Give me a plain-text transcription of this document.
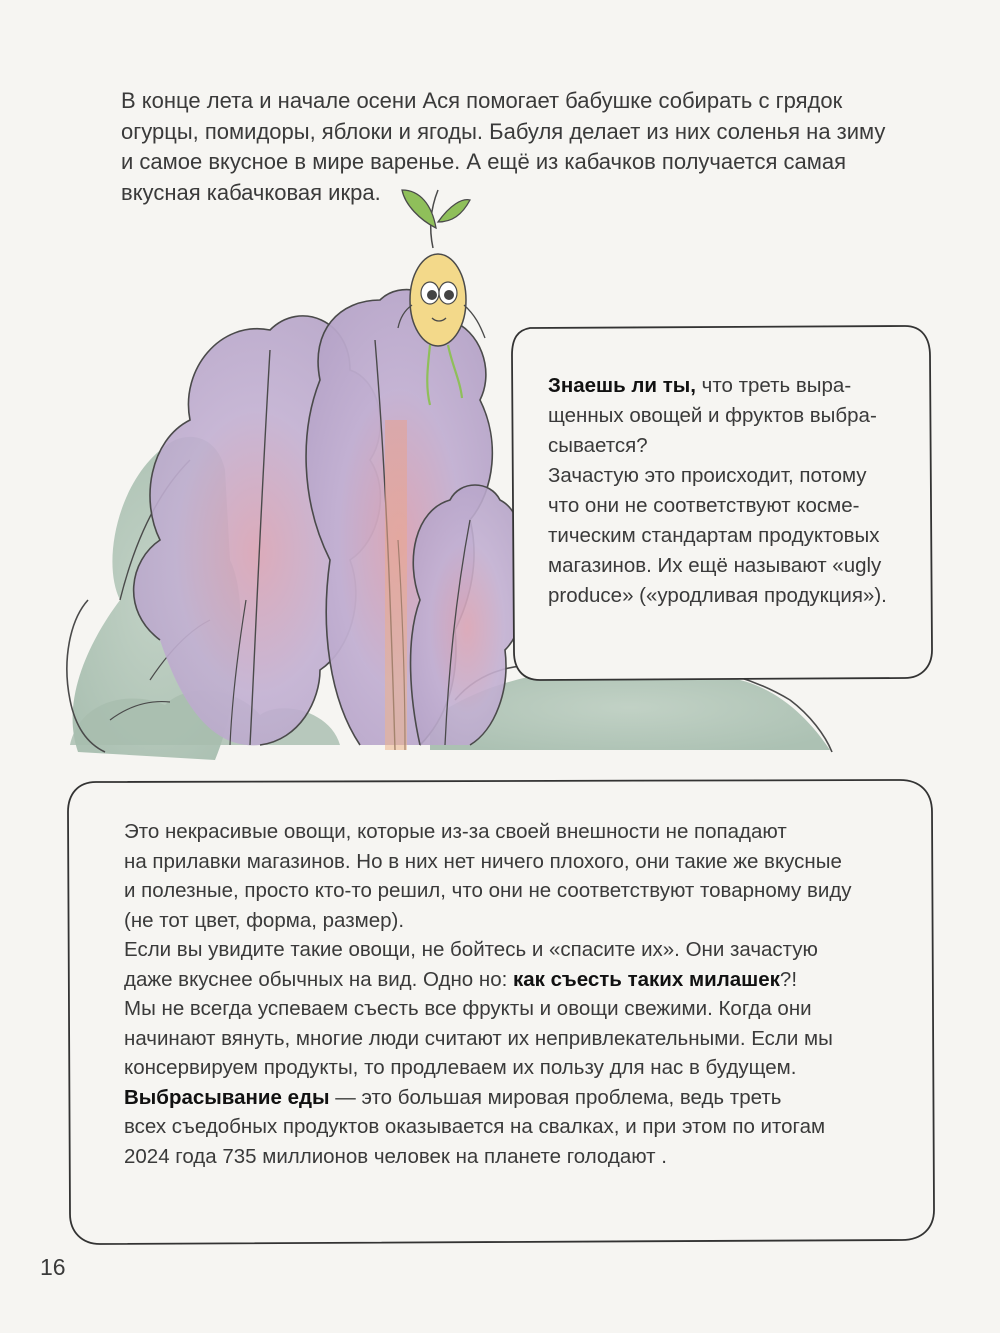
В конце лета и начале осени Ася помогает бабушке собирать с грядок
огурцы, помидоры, яблоки и ягоды. Бабуля делает из них соленья на зиму
и самое вкусное в мире варенье. А ещё из кабачков получается самая
вкусная кабачковая икра.
Знаешь ли ты, что треть выра-
щенных овощей и фруктов выбра-
сывается?
Зачастую это происходит, потому
что они не соответствуют косме-
тическим стандартам продуктовых
магазинов. Их ещё называют «ugly
produce» («уродливая продукция»).
Это некрасивые овощи, которые из-за своей внешности не попадают
на прилавки магазинов. Но в них нет ничего плохого, они такие же вкусные
и полезные, просто кто-то решил, что они не соответствуют товарному виду
(не тот цвет, форма, размер).
Если вы увидите такие овощи, не бойтесь и «спасите их». Они зачастую
даже вкуснее обычных на вид. Одно но: как съесть таких милашек?!
Мы не всегда успеваем съесть все фрукты и овощи свежими. Когда они
начинают вянуть, многие люди считают их непривлекательными. Если мы
консервируем продукты, то продлеваем их пользу для нас в будущем.
Выбрасывание еды — это большая мировая проблема, ведь треть
всех съедобных продуктов оказывается на свалках, и при этом по итогам
2024 года 735 миллионов человек на планете голодают .
16
